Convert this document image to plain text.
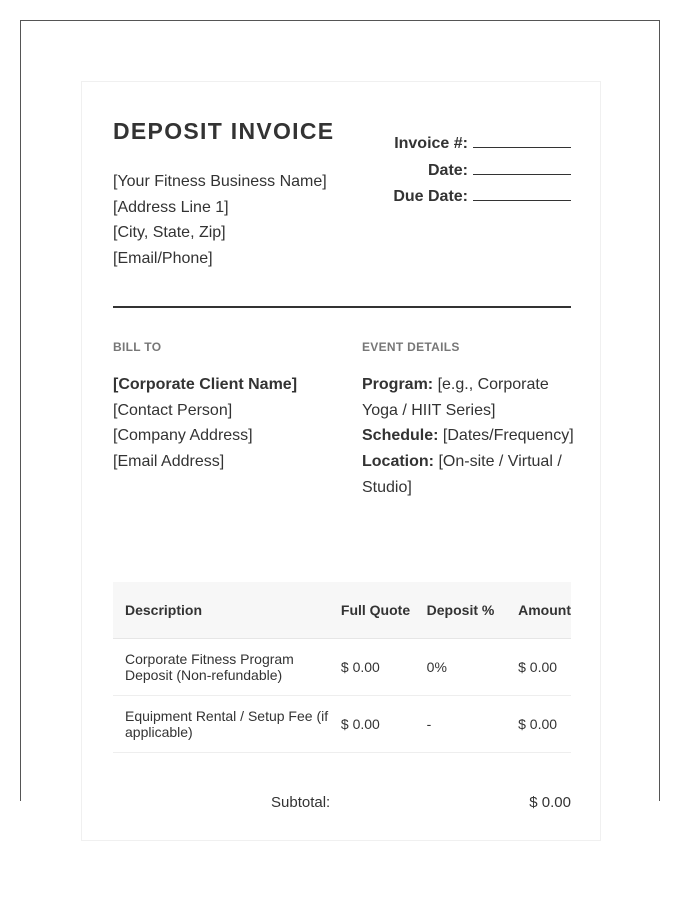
DEPOSIT INVOICE
[Your Fitness Business Name]
[Address Line 1]
[City, State, Zip]
[Email/Phone]
Invoice #:
Date:
Due Date:
BILL TO	EVENT DETAILS
[Corporate Client Name]
[Contact Person]
[Company Address]
[Email Address]
Program: [e.g., Corporate Yoga / HIIT Series]
Schedule: [Dates/Frequency]
Location: [On-site / Virtual / Studio]
Description	Full Quote	Deposit %	Amount
Corporate Fitness Program Deposit (Non-refundable)	$ 0.00	0%	$ 0.00
Equipment Rental / Setup Fee (if applicable)	$ 0.00	-	$ 0.00
Subtotal:	$ 0.00
